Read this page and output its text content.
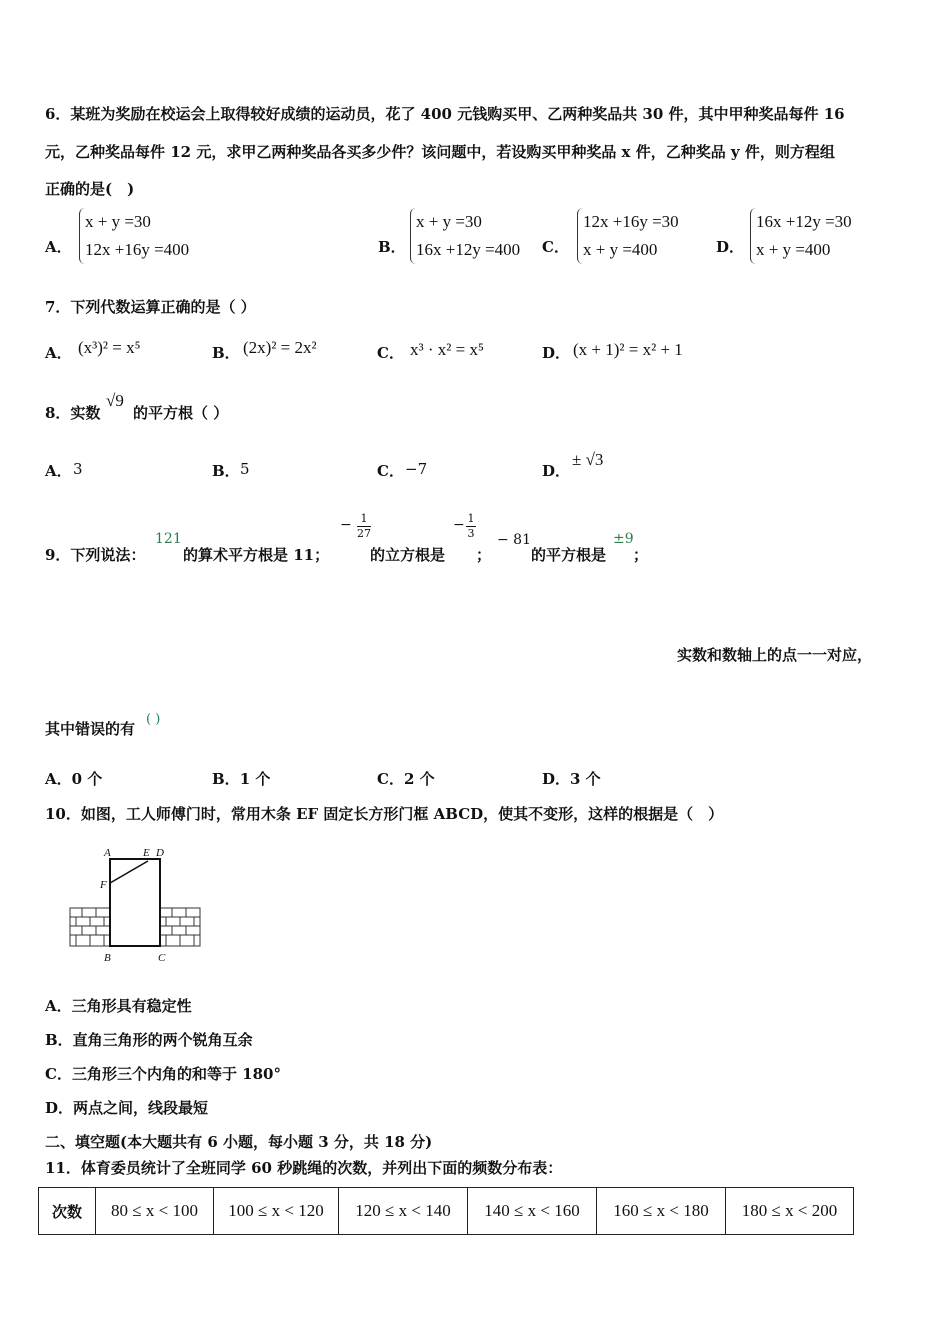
6．某班为奖励在校运会上取得较好成绩的运动员，花了 400 元钱购买甲、乙两种奖品共 30 件，其中甲种奖品每件 16
元，乙种奖品每件 12 元，求甲乙两种奖品各买多少件？该问题中，若设购买甲种奖品 x 件，乙种奖品 y 件，则方程组
正确的是(　)
A．
x + y =30
12x +16y =400	B．
x + y =30
16x +12y =400 C．
12x +16y =30
x + y =400	D．
16x +12y =30
x + y =400
7．下列代数运算正确的是（ ）
A． (x³)² = x⁵	B． (2x)² = 2x²	C． x³ · x² = x⁵	D． (x + 1)² = x² + 1
8．实数
√9
的平方根（ ）
A． 3	B． 5	C． −7	D．
± √3
9．下列说法：
121
的算术平方根是 11；
− $\frac{1}{27}$
的立方根是
− $\frac{1}{3}$
；
− 81
的平方根是
±9
；
实数和数轴上的点一一对应，
其中错误的有
( )
A．0 个	B．1 个	C．2 个	D．3 个
10．如图，工人师傅门时，常用木条 EF 固定长方形门框 ABCD，使其不变形，这样的根据是（　）
A	E D
F
B	C
A．三角形具有稳定性
B．直角三角形的两个锐角互余
C．三角形三个内角的和等于 180°
D．两点之间，线段最短
二、填空题(本大题共有 6 小题，每小题 3 分，共 18 分)
11．体育委员统计了全班同学 60 秒跳绳的次数，并列出下面的频数分布表：
次数	80 ≤ x < 100	100 ≤ x < 120	120 ≤ x < 140	140 ≤ x < 160	160 ≤ x < 180	180 ≤ x < 200
